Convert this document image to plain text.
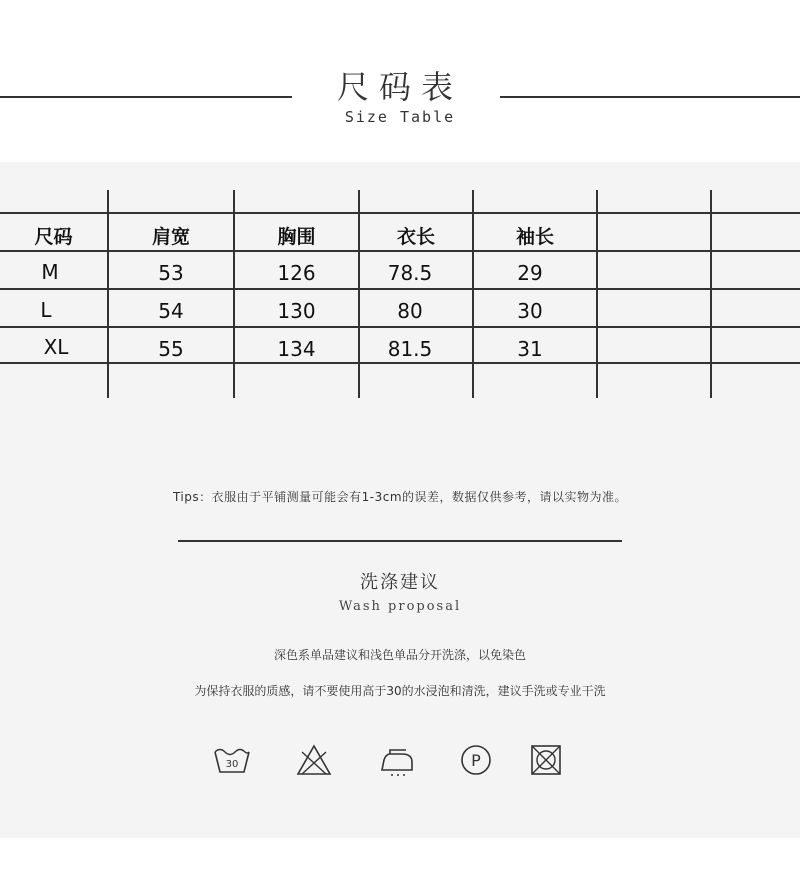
尺码表
Size Table
尺码	肩宽	胸围	衣长	袖长
M	53	126	78.5	29
L	54	130	80	30
XL	55	134	81.5	31
Tips：衣服由于平铺测量可能会有1-3cm的误差，数据仅供参考，请以实物为准。
洗涤建议
Wash proposal
深色系单品建议和浅色单品分开洗涤，以免染色
为保持衣服的质感，请不要使用高于30的水浸泡和清洗，建议手洗或专业干洗
30	P
